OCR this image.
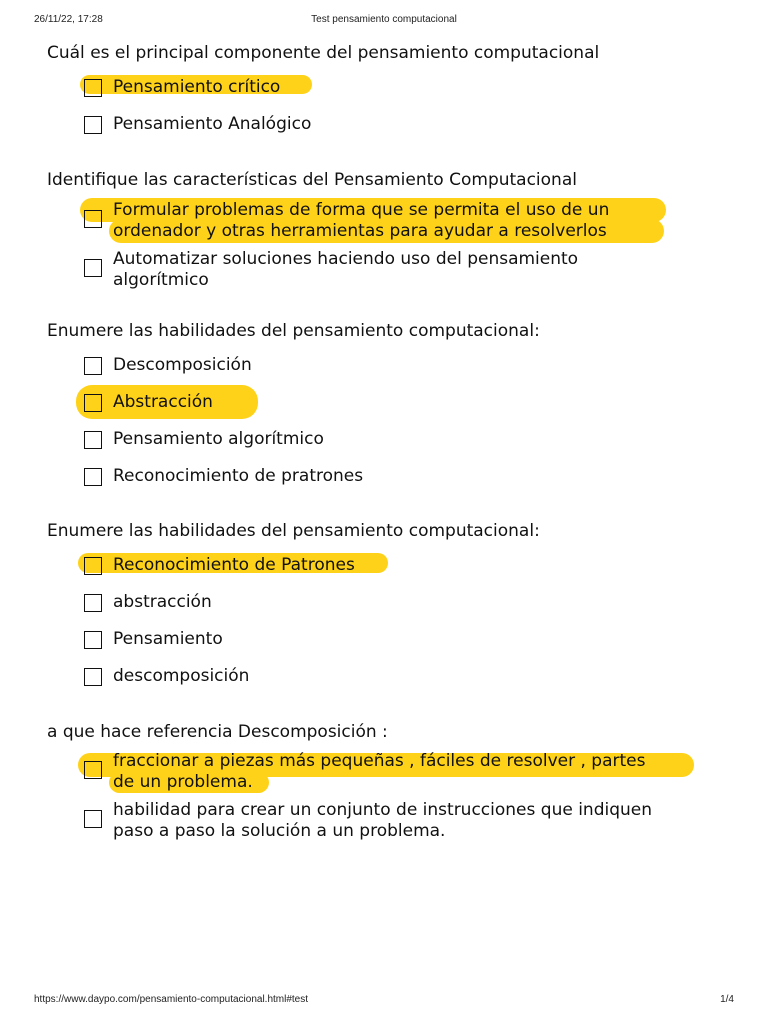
26/11/22, 17:28	Test pensamiento computacional
Cuál es el principal componente del pensamiento computacional
Pensamiento crítico
Pensamiento Analógico
Identifique las características del Pensamiento Computacional
Formular problemas de forma que se permita el uso de un
ordenador y otras herramientas para ayudar a resolverlos
Automatizar soluciones haciendo uso del pensamiento
algorítmico
Enumere las habilidades del pensamiento computacional:
Descomposición
Abstracción
Pensamiento algorítmico
Reconocimiento de pratrones
Enumere las habilidades del pensamiento computacional:
Reconocimiento de Patrones
abstracción
Pensamiento
descomposición
a que hace referencia Descomposición :
fraccionar a piezas más pequeñas , fáciles de resolver , partes
de un problema.
habilidad para crear un conjunto de instrucciones que indiquen
paso a paso la solución a un problema.
https://www.daypo.com/pensamiento-computacional.html#test	1/4
